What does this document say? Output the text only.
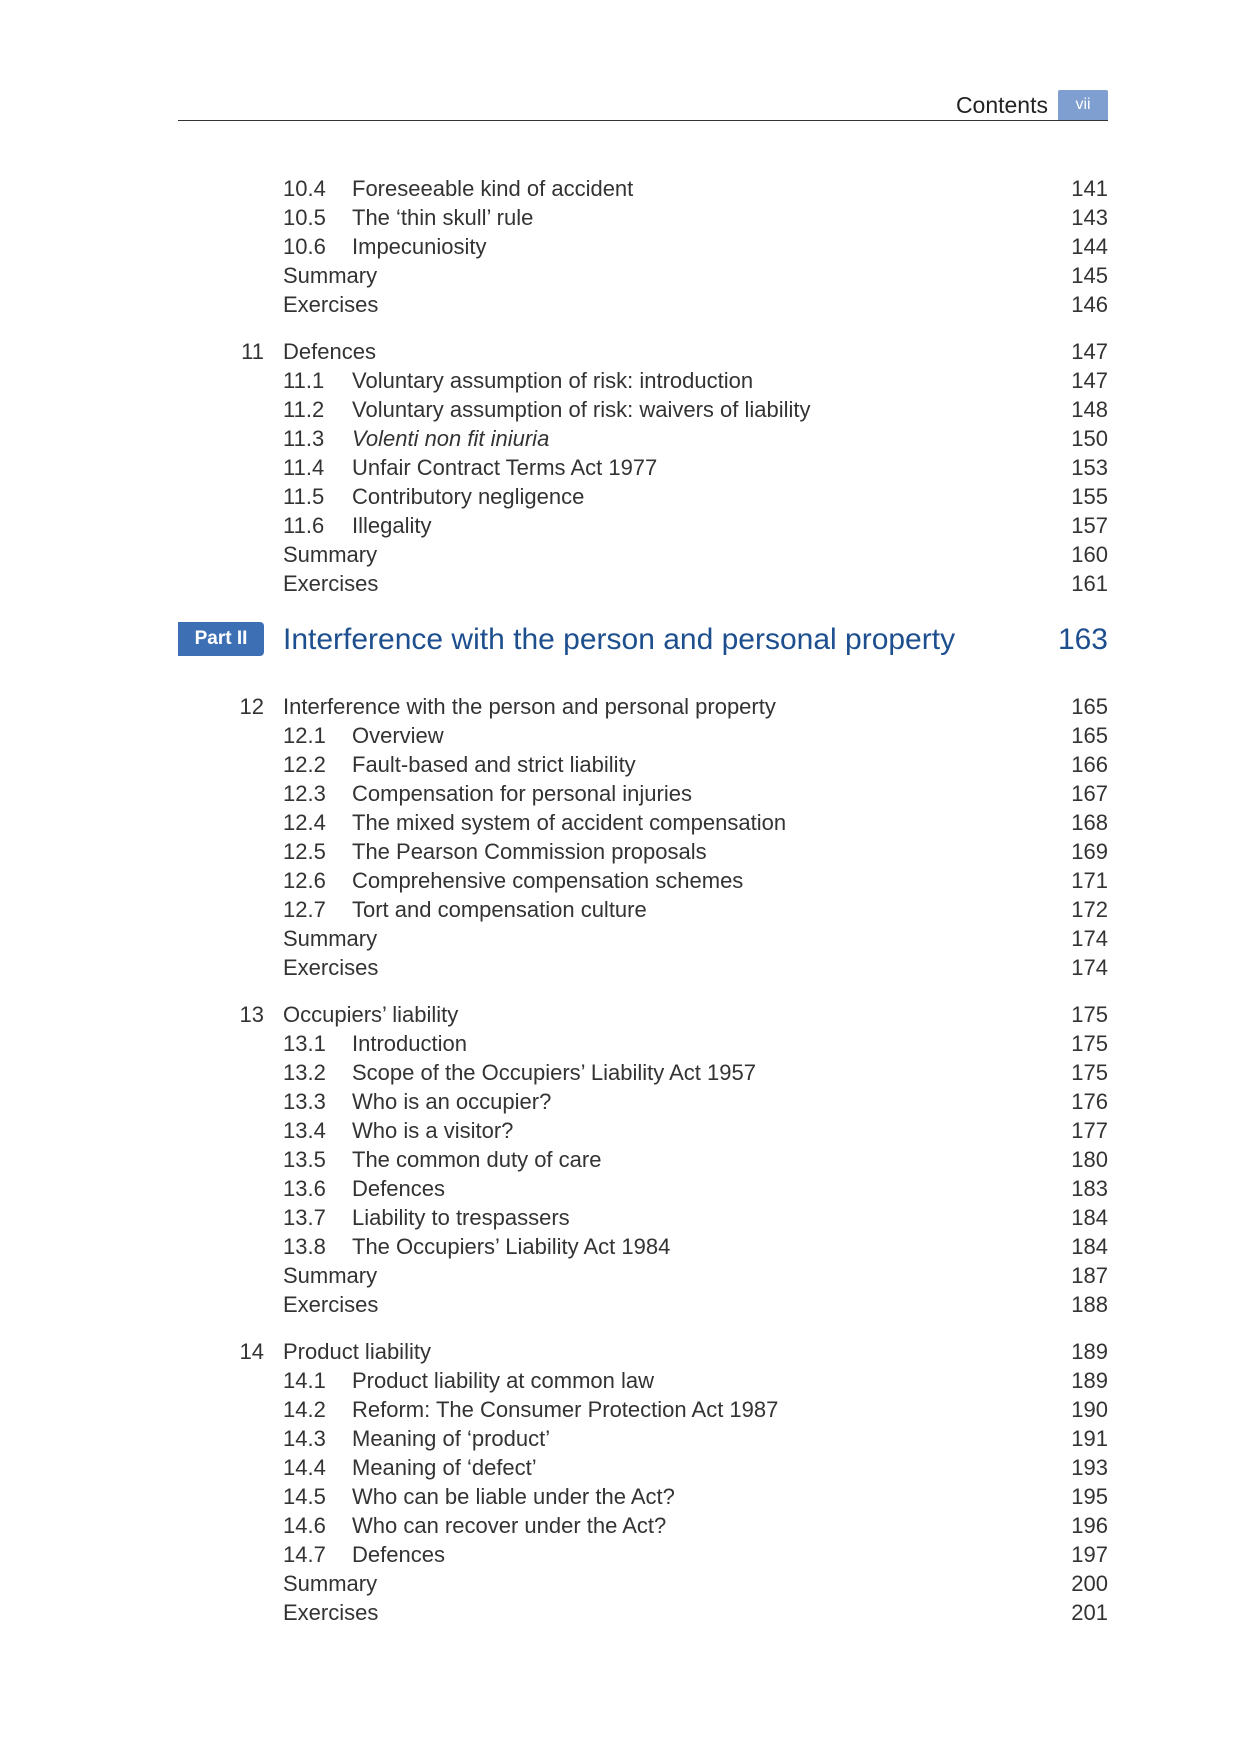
Contents	vii
10.4 Foreseeable kind of accident	141
10.5 The ‘thin skull’ rule	143
10.6 Impecuniosity	144
Summary	145
Exercises	146
11 Defences	147
11.1 Voluntary assumption of risk: introduction	147
11.2 Voluntary assumption of risk: waivers of liability	148
11.3 Volenti non fit iniuria	150
11.4 Unfair Contract Terms Act 1977	153
11.5 Contributory negligence	155
11.6 Illegality	157
Summary	160
Exercises	161
Part II	Interference with the person and personal property	163
12 Interference with the person and personal property	165
12.1 Overview	165
12.2 Fault-based and strict liability	166
12.3 Compensation for personal injuries	167
12.4 The mixed system of accident compensation	168
12.5 The Pearson Commission proposals	169
12.6 Comprehensive compensation schemes	171
12.7 Tort and compensation culture	172
Summary	174
Exercises	174
13 Occupiers’ liability	175
13.1 Introduction	175
13.2 Scope of the Occupiers’ Liability Act 1957	175
13.3 Who is an occupier?	176
13.4 Who is a visitor?	177
13.5 The common duty of care	180
13.6 Defences	183
13.7 Liability to trespassers	184
13.8 The Occupiers’ Liability Act 1984	184
Summary	187
Exercises	188
14 Product liability	189
14.1 Product liability at common law	189
14.2 Reform: The Consumer Protection Act 1987	190
14.3 Meaning of ‘product’	191
14.4 Meaning of ‘defect’	193
14.5 Who can be liable under the Act?	195
14.6 Who can recover under the Act?	196
14.7 Defences	197
Summary	200
Exercises	201
